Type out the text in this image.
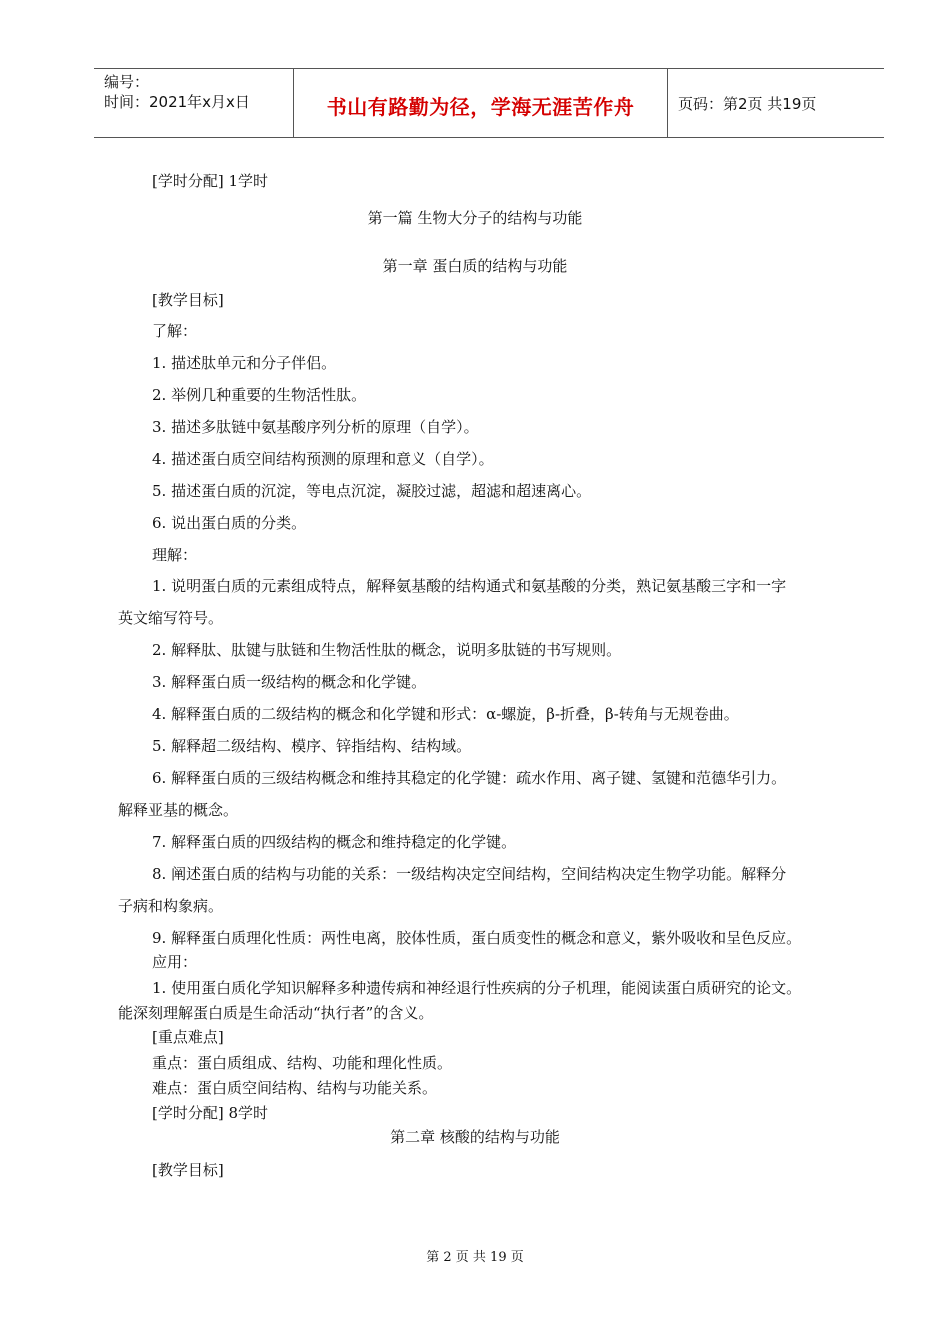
编号：
时间：2021年x月x日	书山有路勤为径，学海无涯苦作舟	页码：第2页 共19页
[学时分配] 1学时
第一篇 生物大分子的结构与功能
第一章 蛋白质的结构与功能
[教学目标]
了解：
1. 描述肽单元和分子伴侣。
2. 举例几种重要的生物活性肽。
3. 描述多肽链中氨基酸序列分析的原理（自学）。
4. 描述蛋白质空间结构预测的原理和意义（自学）。
5. 描述蛋白质的沉淀，等电点沉淀，凝胶过滤，超滤和超速离心。
6. 说出蛋白质的分类。
理解：
1. 说明蛋白质的元素组成特点，解释氨基酸的结构通式和氨基酸的分类，熟记氨基酸三字和一字
英文缩写符号。
2. 解释肽、肽键与肽链和生物活性肽的概念，说明多肽链的书写规则。
3. 解释蛋白质一级结构的概念和化学键。
4. 解释蛋白质的二级结构的概念和化学键和形式：α-螺旋，β-折叠，β-转角与无规卷曲。
5. 解释超二级结构、模序、锌指结构、结构域。
6. 解释蛋白质的三级结构概念和维持其稳定的化学键：疏水作用、离子键、氢键和范德华引力。
解释亚基的概念。
7. 解释蛋白质的四级结构的概念和维持稳定的化学键。
8. 阐述蛋白质的结构与功能的关系：一级结构决定空间结构，空间结构决定生物学功能。解释分
子病和构象病。
9. 解释蛋白质理化性质：两性电离，胶体性质，蛋白质变性的概念和意义，紫外吸收和呈色反应。
应用：
1. 使用蛋白质化学知识解释多种遗传病和神经退行性疾病的分子机理，能阅读蛋白质研究的论文。
能深刻理解蛋白质是生命活动“执行者”的含义。
[重点难点]
重点：蛋白质组成、结构、功能和理化性质。
难点：蛋白质空间结构、结构与功能关系。
[学时分配] 8学时
第二章 核酸的结构与功能
[教学目标]
第 2 页 共 19 页
